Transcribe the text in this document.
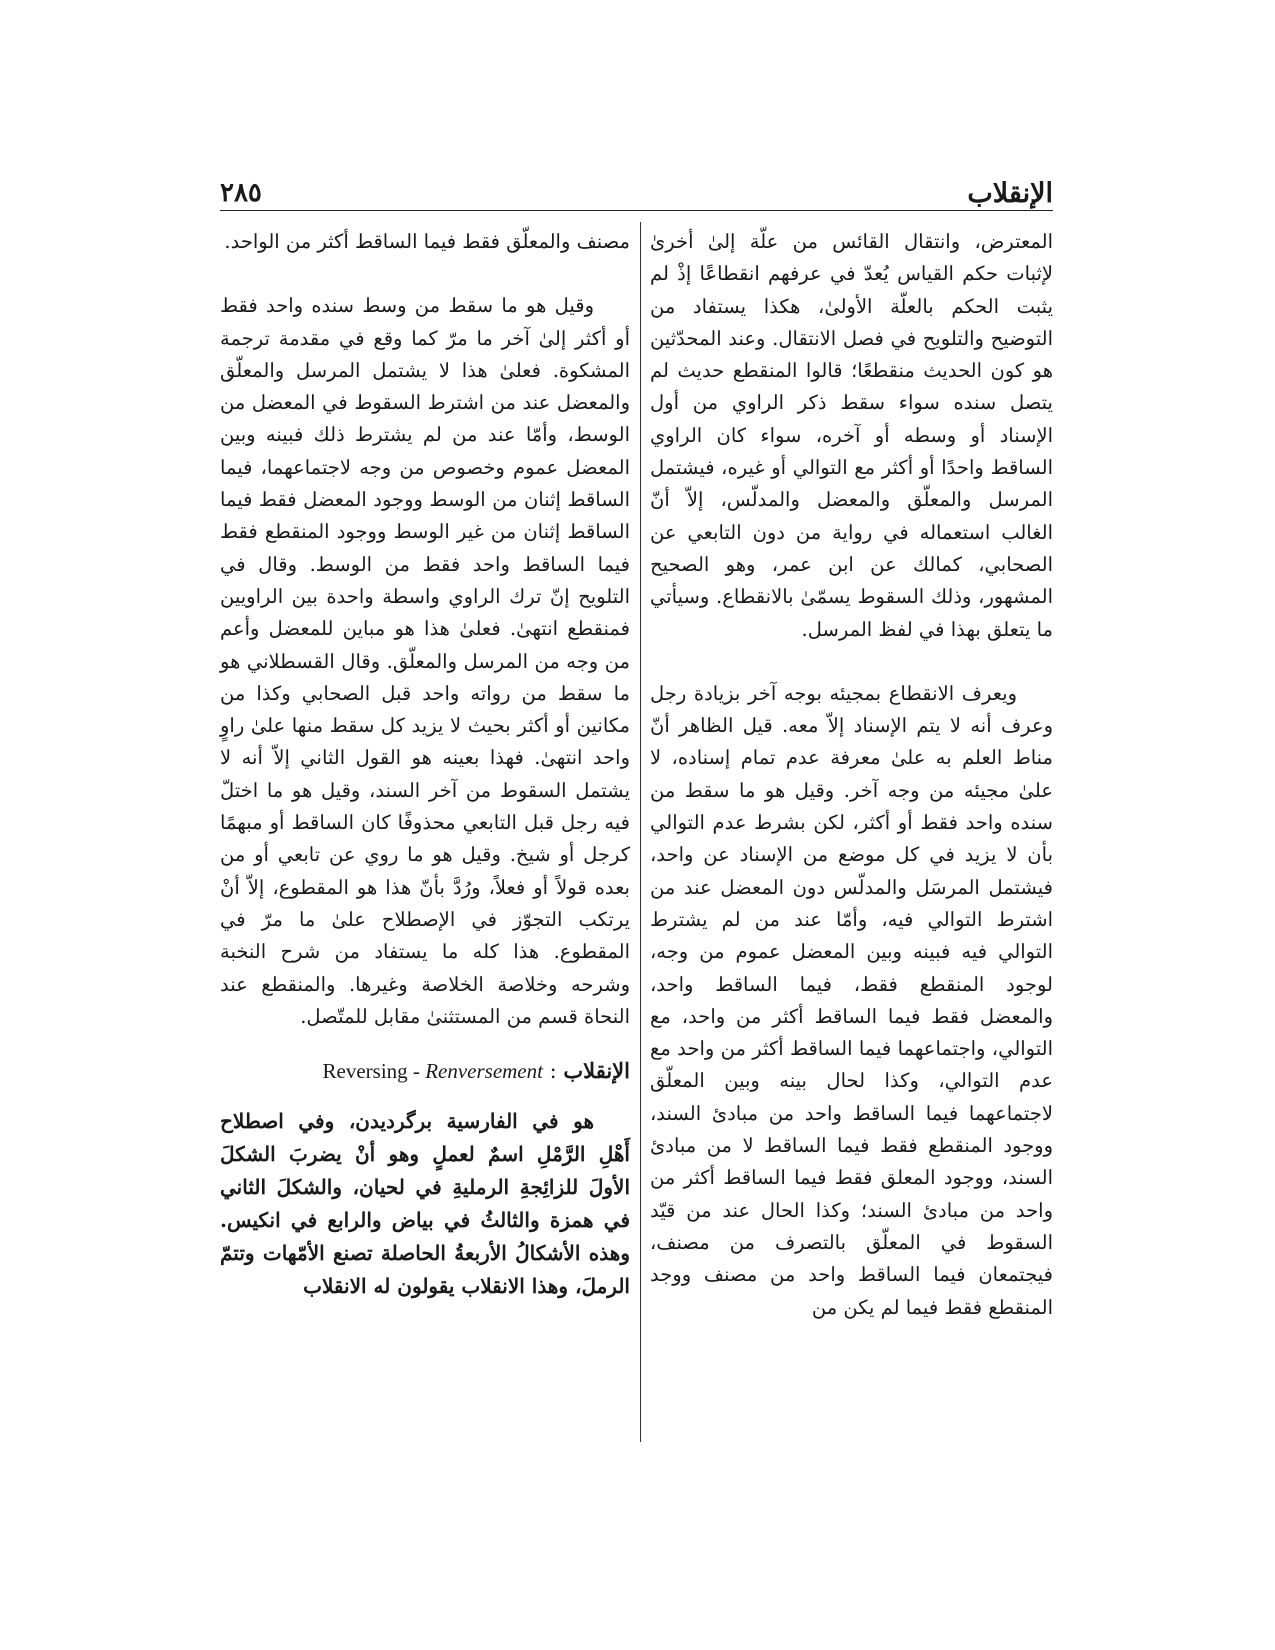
٢٨٥	الإنقلاب

المعترض، وانتقال القائس من علّة إلىٰ أخرىٰ لإثبات حكم القياس يُعدّ في عرفهم انقطاعًا إذْ لم يثبت الحكم بالعلّة الأولىٰ، هكذا يستفاد من التوضيح والتلويح في فصل الانتقال. وعند المحدّثين هو كون الحديث منقطعًا؛ قالوا المنقطع حديث لم يتصل سنده سواء سقط ذكر الراوي من أول الإسناد أو وسطه أو آخره، سواء كان الراوي الساقط واحدًا أو أكثر مع التوالي أو غيره، فيشتمل المرسل والمعلّق والمعضل والمدلّس، إلاّ أنّ الغالب استعماله في رواية من دون التابعي عن الصحابي، كمالك عن ابن عمر، وهو الصحيح المشهور، وذلك السقوط يسمّىٰ بالانقطاع. وسيأتي ما يتعلق بهذا في لفظ المرسل.

ويعرف الانقطاع بمجيئه بوجه آخر بزيادة رجل وعرف أنه لا يتم الإسناد إلاّ معه. قيل الظاهر أنّ مناط العلم به علىٰ معرفة عدم تمام إسناده، لا علىٰ مجيئه من وجه آخر. وقيل هو ما سقط من سنده واحد فقط أو أكثر، لكن بشرط عدم التوالي بأن لا يزيد في كل موضع من الإسناد عن واحد، فيشتمل المرسَل والمدلّس دون المعضل عند من اشترط التوالي فيه، وأمّا عند من لم يشترط التوالي فيه فبينه وبين المعضل عموم من وجه، لوجود المنقطع فقط، فيما الساقط واحد، والمعضل فقط فيما الساقط أكثر من واحد، مع التوالي، واجتماعهما فيما الساقط أكثر من واحد مع عدم التوالي، وكذا لحال بينه وبين المعلّق لاجتماعهما فيما الساقط واحد من مبادئ السند، ووجود المنقطع فقط فيما الساقط لا من مبادئ السند، ووجود المعلق فقط فيما الساقط أكثر من واحد من مبادئ السند؛ وكذا الحال عند من قيّد السقوط في المعلّق بالتصرف من مصنف، فيجتمعان فيما الساقط واحد من مصنف ووجد المنقطع فقط فيما لم يكن من

مصنف والمعلّق فقط فيما الساقط أكثر من الواحد.

وقيل هو ما سقط من وسط سنده واحد فقط أو أكثر إلىٰ آخر ما مرّ كما وقع في مقدمة ترجمة المشكوة. فعلىٰ هذا لا يشتمل المرسل والمعلّق والمعضل عند من اشترط السقوط في المعضل من الوسط، وأمّا عند من لم يشترط ذلك فبينه وبين المعضل عموم وخصوص من وجه لاجتماعهما، فيما الساقط إثنان من الوسط ووجود المعضل فقط فيما الساقط إثنان من غير الوسط ووجود المنقطع فقط فيما الساقط واحد فقط من الوسط. وقال في التلويح إنّ ترك الراوي واسطة واحدة بين الراويين فمنقطع انتهىٰ. فعلىٰ هذا هو مباين للمعضل وأعم من وجه من المرسل والمعلّق. وقال القسطلاني هو ما سقط من رواته واحد قبل الصحابي وكذا من مكانين أو أكثر بحيث لا يزيد كل سقط منها علىٰ راوٍ واحد انتهىٰ. فهذا بعينه هو القول الثاني إلاّ أنه لا يشتمل السقوط من آخر السند، وقيل هو ما اختلّ فيه رجل قبل التابعي محذوفًا كان الساقط أو مبهمًا كرجل أو شيخ. وقيل هو ما روي عن تابعي أو من بعده قولاً أو فعلاً، ورُدَّ بأنّ هذا هو المقطوع، إلاّ أنْ يرتكب التجوّز في الإصطلاح علىٰ ما مرّ في المقطوع. هذا كله ما يستفاد من شرح النخبة وشرحه وخلاصة الخلاصة وغيرها. والمنقطع عند النحاة قسم من المستثنىٰ مقابل للمتّصل.

الإنقلاب : Reversing - Renversement

هو في الفارسية برگرديدن، وفي اصطلاح أَهْلِ الرَّمْلِ اسمٌ لعملٍ وهو أنْ يضربَ الشكلَ الأولَ للزائِجةِ الرمليةِ في لحيان، والشكلَ الثاني في همزة والثالثُ في بياض والرابع في انكيس. وهذه الأشكالُ الأربعةُ الحاصلة تصنع الأمّهات وتتمّ الرملَ، وهذا الانقلاب يقولون له الانقلاب
